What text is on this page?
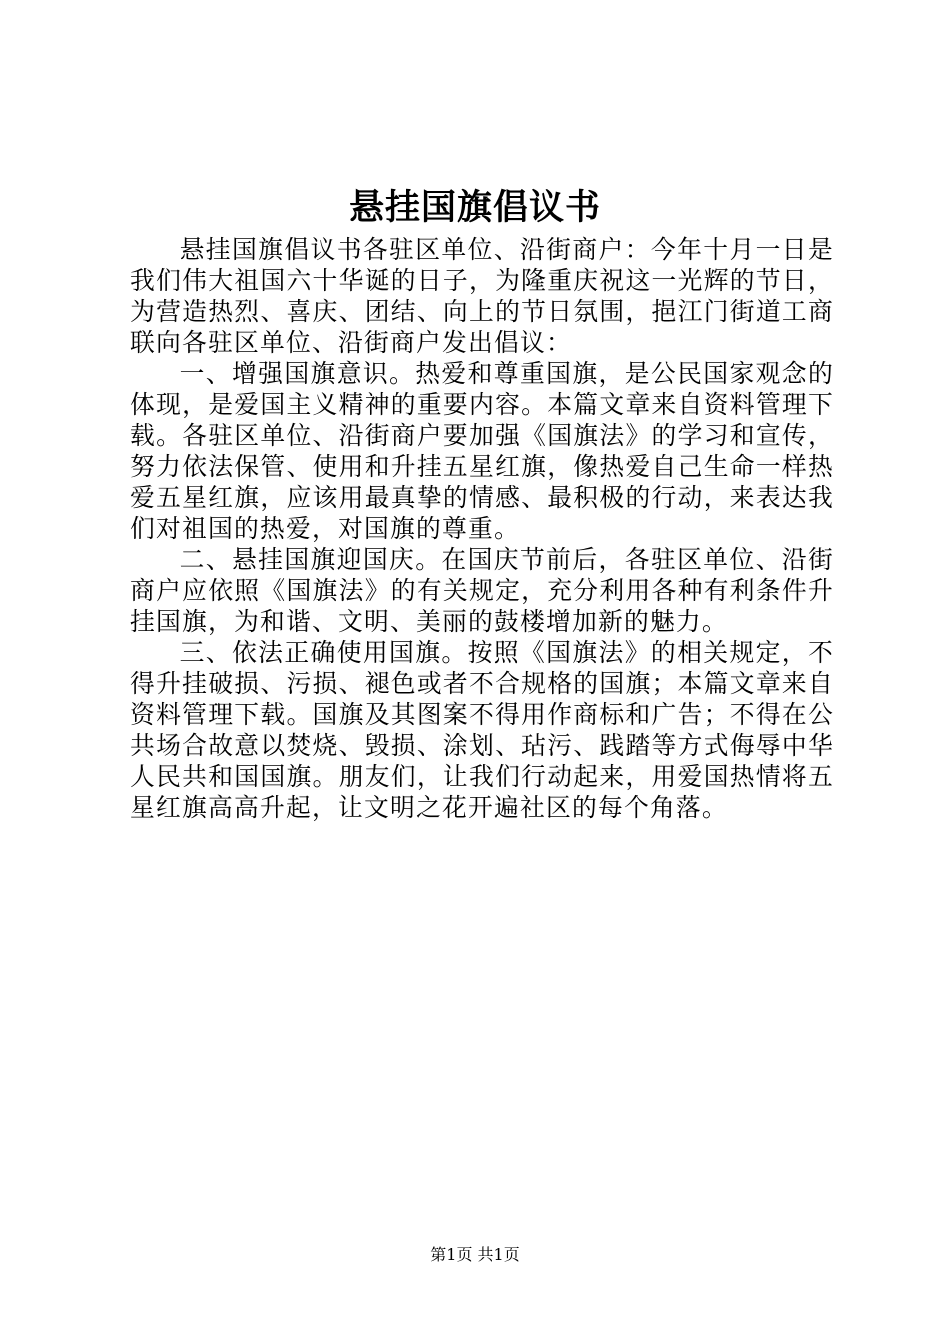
悬挂国旗倡议书

悬挂国旗倡议书各驻区单位、沿街商户：今年十月一日是我们伟大祖国六十华诞的日子，为隆重庆祝这一光辉的节日，为营造热烈、喜庆、团结、向上的节日氛围，挹江门街道工商联向各驻区单位、沿街商户发出倡议：

一、增强国旗意识。热爱和尊重国旗，是公民国家观念的体现，是爱国主义精神的重要内容。本篇文章来自资料管理下载。各驻区单位、沿街商户要加强《国旗法》的学习和宣传，努力依法保管、使用和升挂五星红旗，像热爱自己生命一样热爱五星红旗，应该用最真挚的情感、最积极的行动，来表达我们对祖国的热爱，对国旗的尊重。

二、悬挂国旗迎国庆。在国庆节前后，各驻区单位、沿街商户应依照《国旗法》的有关规定，充分利用各种有利条件升挂国旗，为和谐、文明、美丽的鼓楼增加新的魅力。

三、依法正确使用国旗。按照《国旗法》的相关规定，不得升挂破损、污损、褪色或者不合规格的国旗；本篇文章来自资料管理下载。国旗及其图案不得用作商标和广告；不得在公共场合故意以焚烧、毁损、涂划、玷污、践踏等方式侮辱中华人民共和国国旗。朋友们，让我们行动起来，用爱国热情将五星红旗高高升起，让文明之花开遍社区的每个角落。

第1页 共1页
